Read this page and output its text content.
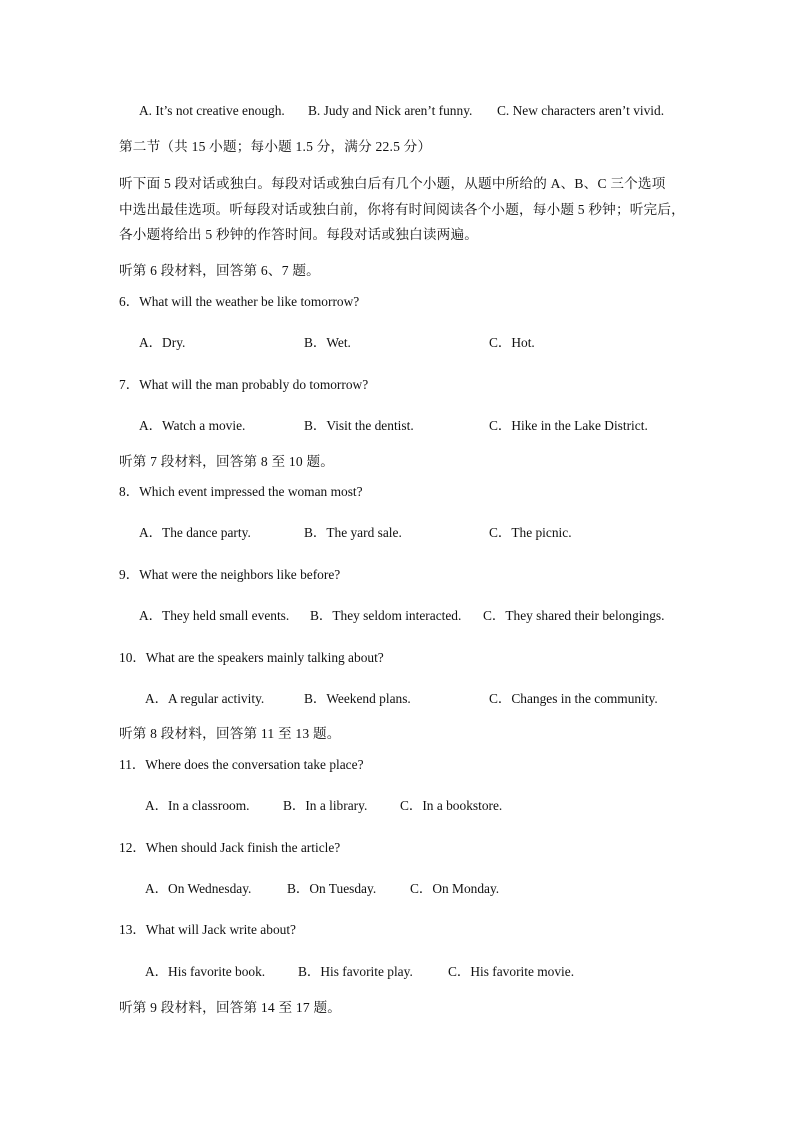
A. It’s not creative enough. B. Judy and Nick aren’t funny. C. New characters aren’t vivid.
第二节（共 15 小题；每小题 1.5 分，满分 22.5 分）
听下面 5 段对话或独白。每段对话或独白后有几个小题，从题中所给的 A、B、C 三个选项
中选出最佳选项。听每段对话或独白前，你将有时间阅读各个小题，每小题 5 秒钟；听完后，
各小题将给出 5 秒钟的作答时间。每段对话或独白读两遍。
听第 6 段材料，回答第 6、7 题。
6．What will the weather be like tomorrow?
A．Dry.	B．Wet.	C．Hot.
7．What will the man probably do tomorrow?
A．Watch a movie.	B．Visit the dentist.	C．Hike in the Lake District.
听第 7 段材料，回答第 8 至 10 题。
8．Which event impressed the woman most?
A．The dance party.	B．The yard sale.	C．The picnic.
9．What were the neighbors like before?
A．They held small events. B．They seldom interacted. C．They shared their belongings.
10．What are the speakers mainly talking about?
A．A regular activity.	B．Weekend plans.	C．Changes in the community.
听第 8 段材料，回答第 11 至 13 题。
11．Where does the conversation take place?
A．In a classroom.	B．In a library. C．In a bookstore.
12．When should Jack finish the article?
A．On Wednesday.	B．On Tuesday.	C．On Monday.
13．What will Jack write about?
A．His favorite book. B．His favorite play.	C．His favorite movie.
听第 9 段材料，回答第 14 至 17 题。
